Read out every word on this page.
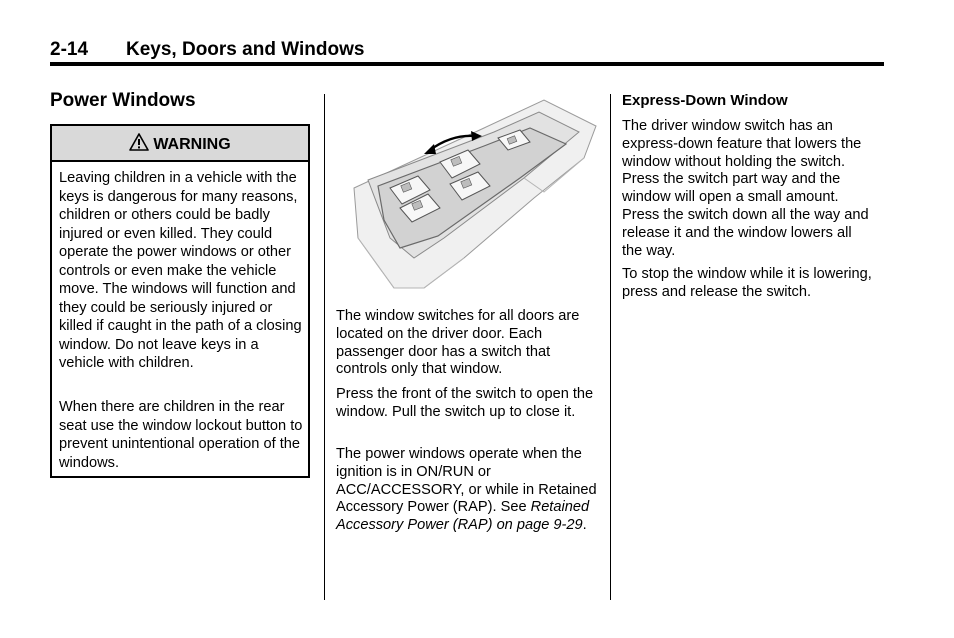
2-14 Keys, Doors and Windows
Power Windows
WARNING
Leaving children in a vehicle with the keys is dangerous for many reasons, children or others could be badly injured or even killed. They could operate the power windows or other controls or even make the vehicle move. The windows will function and they could be seriously injured or killed if caught in the path of a closing window. Do not leave keys in a vehicle with children.
When there are children in the rear seat use the window lockout button to prevent unintentional operation of the windows.
The window switches for all doors are located on the driver door. Each passenger door has a switch that controls only that window.
Press the front of the switch to open the window. Pull the switch up to close it.
The power windows operate when the ignition is in ON/RUN or ACC/ACCESSORY, or while in Retained Accessory Power (RAP). See Retained Accessory Power (RAP) on page 9-29.
Express-Down Window
The driver window switch has an express-down feature that lowers the window without holding the switch. Press the switch part way and the window will open a small amount. Press the switch down all the way and release it and the window lowers all the way.
To stop the window while it is lowering, press and release the switch.
